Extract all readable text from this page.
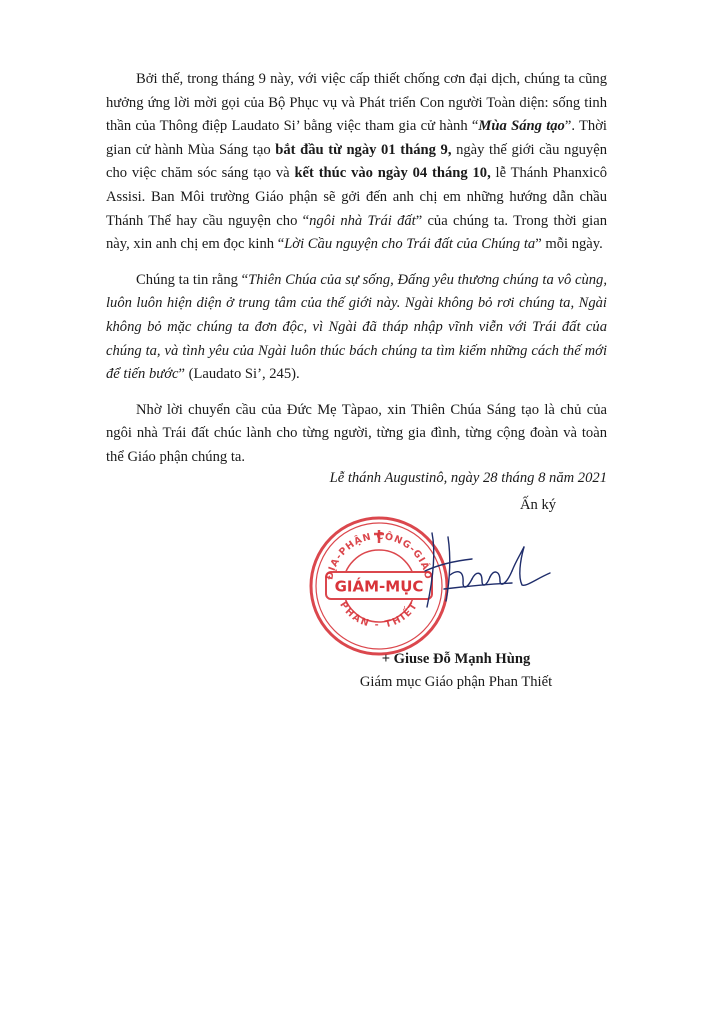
Bởi thế, trong tháng 9 này, với việc cấp thiết chống cơn đại dịch, chúng ta cũng hưởng ứng lời mời gọi của Bộ Phục vụ và Phát triển Con người Toàn diện: sống tinh thần của Thông điệp Laudato Si’ bằng việc tham gia cử hành “Mùa Sáng tạo”. Thời gian cử hành Mùa Sáng tạo bắt đầu từ ngày 01 tháng 9, ngày thế giới cầu nguyện cho việc chăm sóc sáng tạo và kết thúc vào ngày 04 tháng 10, lễ Thánh Phanxicô Assisi. Ban Môi trường Giáo phận sẽ gởi đến anh chị em những hướng dẫn chầu Thánh Thể hay cầu nguyện cho “ngôi nhà Trái đất” của chúng ta. Trong thời gian này, xin anh chị em đọc kinh “Lời Cầu nguyện cho Trái đất của Chúng ta” mỗi ngày.

Chúng ta tin rằng “Thiên Chúa của sự sống, Đấng yêu thương chúng ta vô cùng, luôn luôn hiện diện ở trung tâm của thế giới này. Ngài không bỏ rơi chúng ta, Ngài không bỏ mặc chúng ta đơn độc, vì Ngài đã tháp nhập vĩnh viễn với Trái đất của chúng ta, và tình yêu của Ngài luôn thúc bách chúng ta tìm kiếm những cách thế mới để tiến bước” (Laudato Si’, 245).

Nhờ lời chuyển cầu của Đức Mẹ Tàpao, xin Thiên Chúa Sáng tạo là chủ của ngôi nhà Trái đất chúc lành cho từng người, từng gia đình, từng cộng đoàn và toàn thể Giáo phận chúng ta.

Lễ thánh Augustinô, ngày 28 tháng 8 năm 2021
Ấn ký
ĐỊA-PHẬN CÔNG-GIÁO
PHAN - THIẾT
GIÁM-MỤC
+ Giuse Đỗ Mạnh Hùng
Giám mục Giáo phận Phan Thiết
